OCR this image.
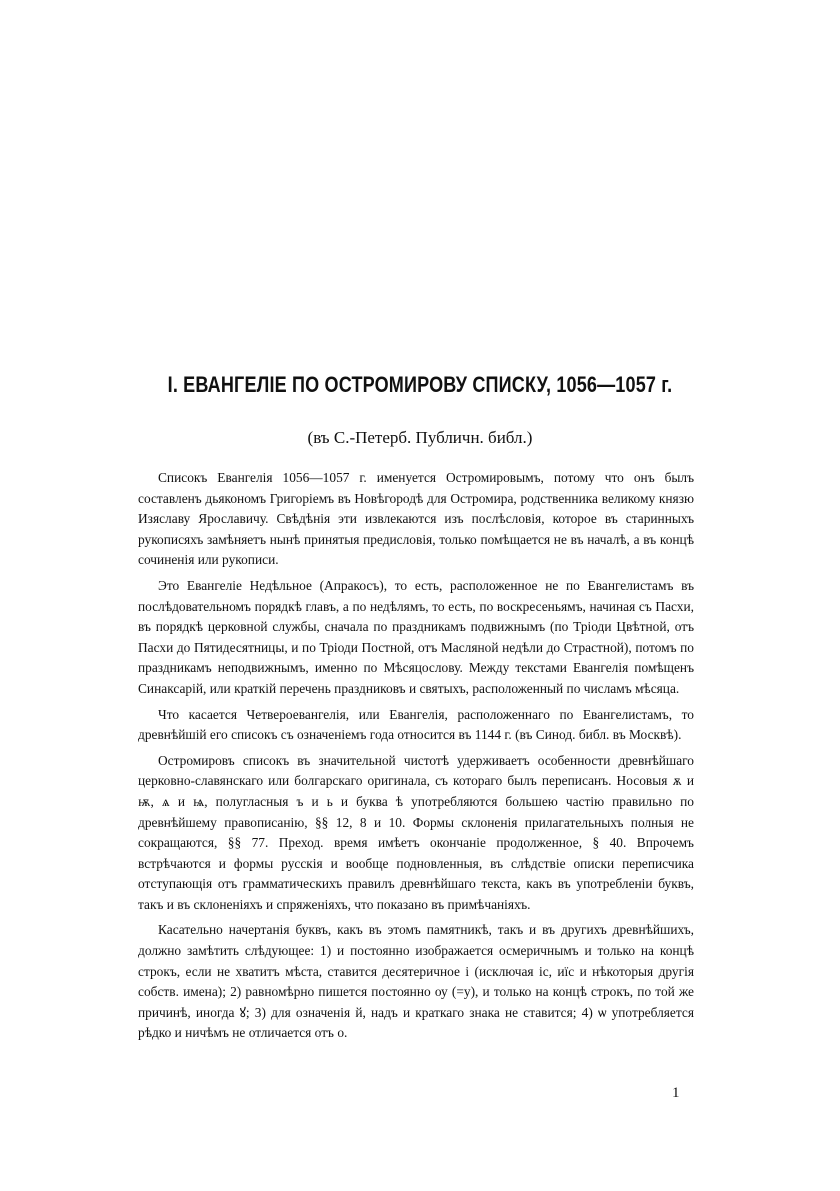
І. ЕВАНГЕЛІЕ ПО ОСТРОМИРОВУ СПИСКУ, 1056—1057 г.
(въ С.-Петерб. Публичн. библ.)

Списокъ Евангелія 1056—1057 г. именуется Остромировымъ, потому что онъ былъ составленъ дьякономъ Григоріемъ въ Новѣгородѣ для Остромира, родственника великому князю Изяславу Ярославичу. Свѣдѣнія эти извлекаются изъ послѣсловія, которое въ старинныхъ рукописяхъ замѣняетъ нынѣ принятыя предисловія, только помѣщается не въ началѣ, а въ концѣ сочиненія или рукописи.

Это Евангеліе Недѣльное (Апракосъ), то есть, расположенное не по Евангелистамъ въ послѣдовательномъ порядкѣ главъ, а по недѣлямъ, то есть, по воскресеньямъ, начиная съ Пасхи, въ порядкѣ церковной службы, сначала по праздникамъ подвижнымъ (по Тріоди Цвѣтной, отъ Пасхи до Пятидесятницы, и по Тріоди Постной, отъ Масляной недѣли до Страстной), потомъ по праздникамъ неподвижнымъ, именно по Мѣсяцослову. Между текстами Евангелія помѣщенъ Синаксарій, или краткій перечень праздниковъ и святыхъ, расположенный по числамъ мѣсяца.

Что касается Четвероевангелія, или Евангелія, расположеннаго по Евангелистамъ, то древнѣйшій его списокъ съ означеніемъ года относится въ 1144 г. (въ Синод. библ. въ Москвѣ).

Остромировъ списокъ въ значительной чистотѣ удерживаетъ особенности древнѣйшаго церковно-славянскаго или болгарскаго оригинала, съ котораго былъ переписанъ. Носовыя ѫ и ѭ, ѧ и ѩ, полугласныя ъ и ь и буква ѣ употребляются большею частію правильно по древнѣйшему правописанію, §§ 12, 8 и 10. Формы склоненія прилагательныхъ полныя не сокращаются, §§ 77. Преход. время имѣетъ окончаніе продолженное, § 40. Впрочемъ встрѣчаются и формы русскія и вообще подновленныя, въ слѣдствіе описки переписчика отступающія отъ грамматическихъ правилъ древнѣйшаго текста, какъ въ употребленіи буквъ, такъ и въ склоненіяхъ и спряженіяхъ, что показано въ примѣчаніяхъ.

Касательно начертанія буквъ, какъ въ этомъ памятникѣ, такъ и въ другихъ древнѣйшихъ, должно замѣтить слѣдующее: 1) и постоянно изображается осмеричнымъ и только на концѣ строкъ, если не хватитъ мѣста, ставится десятеричное і (исключая іс, иїс и нѣкоторыя другія собств. имена); 2) равномѣрно пишется постоянно оу (=у), и только на концѣ строкъ, по той же причинѣ, иногда ꙋ; 3) для означенія й, надъ и краткаго знака не ставится; 4) ѡ употребляется рѣдко и ничѣмъ не отличается отъ о.

1
